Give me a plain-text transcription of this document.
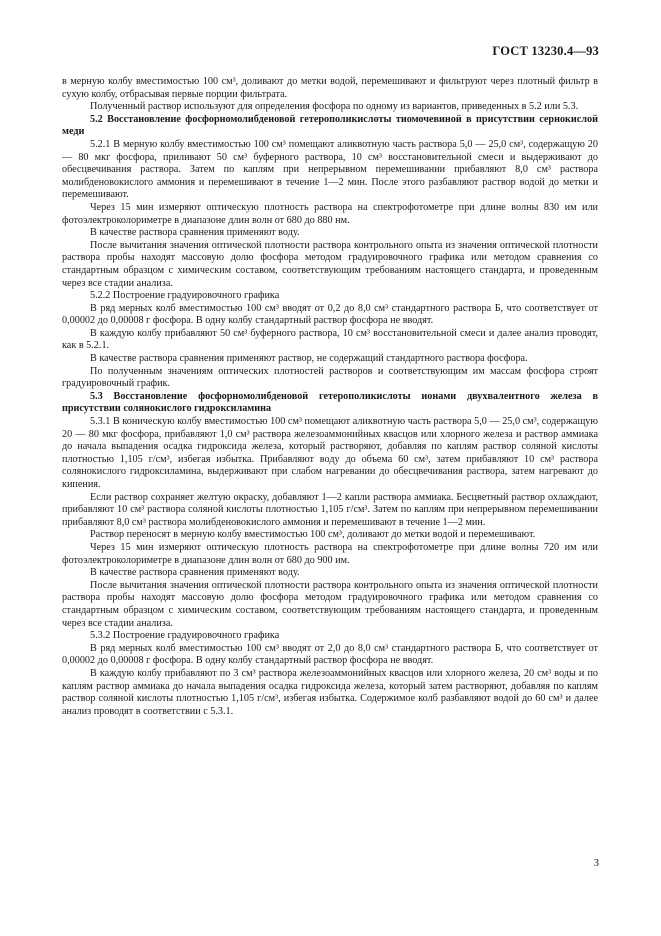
ГОСТ 13230.4—93

в мерную колбу вместимостью 100 см³, доливают до метки водой, перемешивают и фильтруют через плотный фильтр в сухую колбу, отбрасывая первые порции фильтрата.

Полученный раствор используют для определения фосфора по одному из вариантов, приведенных в 5.2 или 5.3.

5.2 Восстановление фосфорномолибденовой гетерополикислоты тиомочевиной в присутствии сернокислой меди

5.2.1 В мерную колбу вместимостью 100 см³ помещают аликвотную часть раствора 5,0 — 25,0 см³, содержащую 20 — 80 мкг фосфора, приливают 50 см³ буферного раствора, 10 см³ восстановительной смеси и выдерживают до обесцвечивания раствора. Затем по каплям при непрерывном перемешивании прибавляют 8,0 см³ раствора молибденовокислого аммония и перемешивают в течение 1—2 мин. После этого разбавляют раствор водой до метки и перемешивают.

Через 15 мин измеряют оптическую плотность раствора на спектрофотометре при длине волны 830 им или фотоэлектроколориметре в диапазоне длин волн от 680 до 880 нм.

В качестве раствора сравнения применяют воду.

После вычитания значения оптической плотности раствора контрольного опыта из значения оптической плотности раствора пробы находят массовую долю фосфора методом градуировочного графика или методом сравнения со стандартным образцом с химическим составом, соответствующим требованиям настоящего стандарта, и проведенным через все стадии анализа.

5.2.2 Построение градуировочного графика

В ряд мерных колб вместимостью 100 см³ вводят от 0,2 до 8,0 см³ стандартного раствора Б, что соответствует от 0,00002 до 0,00008 г фосфора. В одну колбу стандартный раствор фосфора не вводят.

В каждую колбу прибавляют 50 см³ буферного раствора, 10 см³ восстановительной смеси и далее анализ проводят, как в 5.2.1.

В качестве раствора сравнения применяют раствор, не содержащий стандартного раствора фосфора.

По полученным значениям оптических плотностей растворов и соответствующим им массам фосфора строят градуировочный график.

5.3 Восстановление фосфорномолибденовой гетерополикислоты ионами двухвалентного железа в присутствии солянокислого гидроксиламина

5.3.1 В коническую колбу вместимостью 100 см³ помещают аликвотную часть раствора 5,0 — 25,0 см³, содержащую 20 — 80 мкг фосфора, прибавляют 1,0 см³ раствора железоаммонийных квасцов или хлорного железа и раствор аммиака до начала выпадения осадка гидроксида железа, который растворяют, добавляя по каплям раствор соляной кислоты плотностью 1,105 г/см³, избегая избытка. Прибавляют воду до объема 60 см³, затем прибавляют 10 см³ раствора солянокислого гидроксиламина, выдерживают при слабом нагревании до обесцвечивания раствора, затем нагревают до кипения.

Если раствор сохраняет желтую окраску, добавляют 1—2 капли раствора аммиака. Бесцветный раствор охлаждают, прибавляют 10 см³ раствора соляной кислоты плотностью 1,105 г/см³. Затем по каплям при непрерывном перемешивании прибавляют 8,0 см³ раствора молибденовокислого аммония и перемешивают в течение 1—2 мин.

Раствор переносят в мерную колбу вместимостью 100 см³, доливают до метки водой и перемешивают.

Через 15 мин измеряют оптическую плотность раствора на спектрофотометре при длине волны 720 им или фотоэлектроколориметре в диапазоне длин волн от 680 до 900 им.

В качестве раствора сравнения применяют воду.

После вычитания значения оптической плотности раствора контрольного опыта из значения оптической плотности раствора пробы находят массовую долю фосфора методом градуировочного графика или методом сравнения со стандартным образцом с химическим составом, соответствующим требованиям настоящего стандарта, и проведенным через все стадии анализа.

5.3.2 Построение градуировочного графика

В ряд мерных колб вместимостью 100 см³ вводят от 2,0 до 8,0 см³ стандартного раствора Б, что соответствует от 0,00002 до 0,00008 г фосфора. В одну колбу стандартный раствор фосфора не вводят.

В каждую колбу прибавляют по 3 см³ раствора железоаммонийных квасцов или хлорного железа, 20 см³ воды и по каплям раствор аммиака до начала выпадения осадка гидроксида железа, который затем растворяют, добавляя по каплям раствор соляной кислоты плотностью 1,105 г/см³, избегая избытка. Содержимое колб разбавляют водой до 60 см³ и далее анализ проводят в соответствии с 5.3.1.

3
